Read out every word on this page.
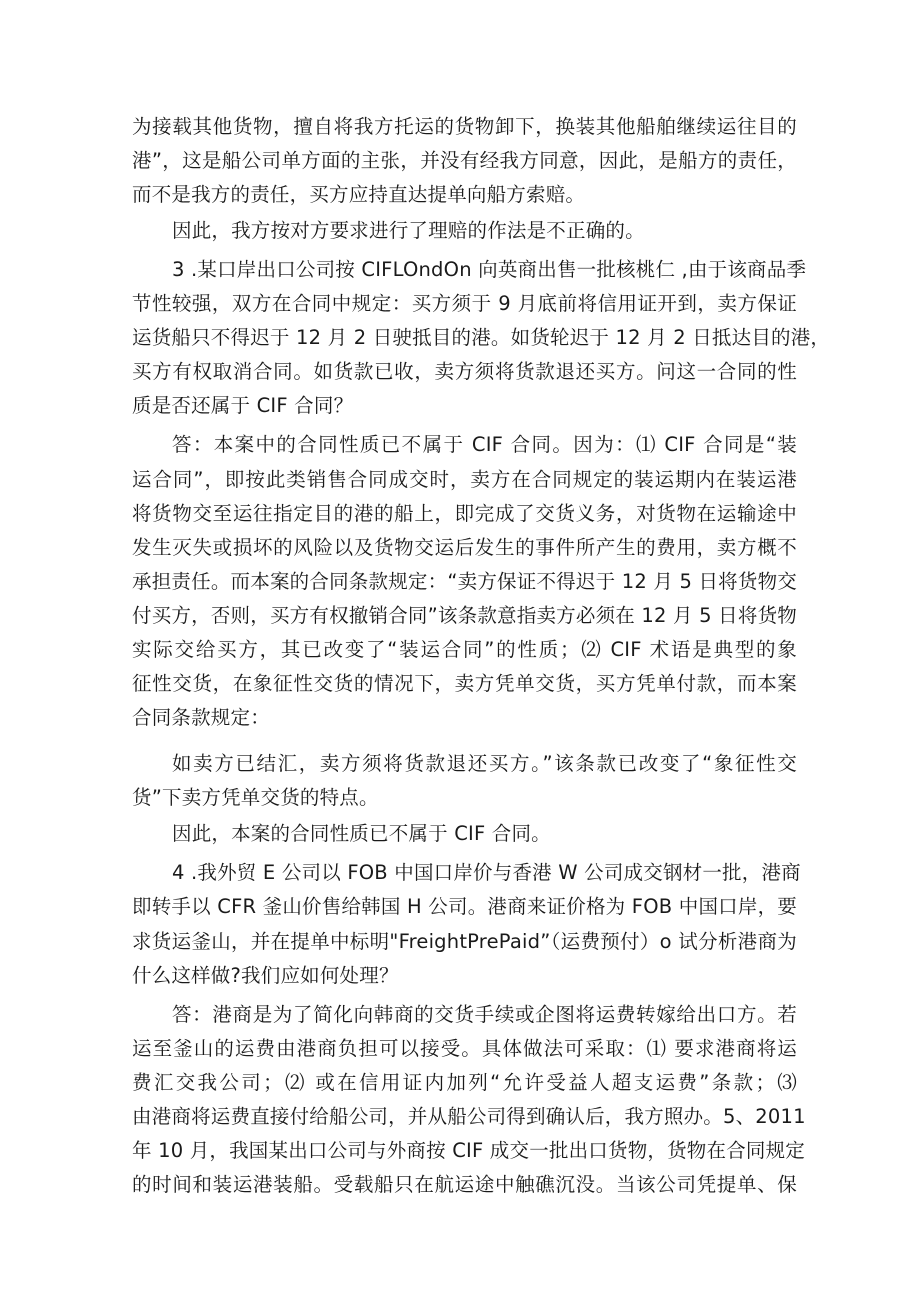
为接载其他货物，擅自将我方托运的货物卸下，换装其他船舶继续运往目的
港”，这是船公司单方面的主张，并没有经我方同意，因此，是船方的责任，
而不是我方的责任，买方应持直达提单向船方索赔。
因此，我方按对方要求进行了理赔的作法是不正确的。
3 .某口岸出口公司按 CIFLOndOn 向英商出售一批核桃仁 ,由于该商品季
节性较强，双方在合同中规定：买方须于 9 月底前将信用证开到，卖方保证
运货船只不得迟于 12 月 2 日驶抵目的港。如货轮迟于 12 月 2 日抵达目的港，
买方有权取消合同。如货款已收，卖方须将货款退还买方。问这一合同的性
质是否还属于 CIF 合同？
答：本案中的合同性质已不属于 CIF 合同。因为：⑴ CIF 合同是“装
运合同”，即按此类销售合同成交时，卖方在合同规定的装运期内在装运港
将货物交至运往指定目的港的船上，即完成了交货义务，对货物在运输途中
发生灭失或损坏的风险以及货物交运后发生的事件所产生的费用，卖方概不
承担责任。而本案的合同条款规定：“卖方保证不得迟于 12 月 5 日将货物交
付买方，否则，买方有权撤销合同”该条款意指卖方必须在 12 月 5 日将货物
实际交给买方，其已改变了“装运合同”的性质；⑵ CIF 术语是典型的象
征性交货，在象征性交货的情况下，卖方凭单交货，买方凭单付款，而本案
合同条款规定：
如卖方已结汇，卖方须将货款退还买方。”该条款已改变了“象征性交
货”下卖方凭单交货的特点。
因此，本案的合同性质已不属于 CIF 合同。
4 .我外贸 E 公司以 FOB 中国口岸价与香港 W 公司成交钢材一批，港商
即转手以 CFR 釜山价售给韩国 H 公司。港商来证价格为 FOB 中国口岸，要
求货运釜山，并在提单中标明"FreightPrePaid”（运费预付）o 试分析港商为
什么这样做?我们应如何处理？
答：港商是为了简化向韩商的交货手续或企图将运费转嫁给出口方。若
运至釜山的运费由港商负担可以接受。具体做法可采取：⑴ 要求港商将运
费汇交我公司；⑵ 或在信用证内加列“允许受益人超支运费”条款；⑶
由港商将运费直接付给船公司，并从船公司得到确认后，我方照办。5、2011
年 10 月，我国某出口公司与外商按 CIF 成交一批出口货物，货物在合同规定
的时间和装运港装船。受载船只在航运途中触礁沉没。当该公司凭提单、保
